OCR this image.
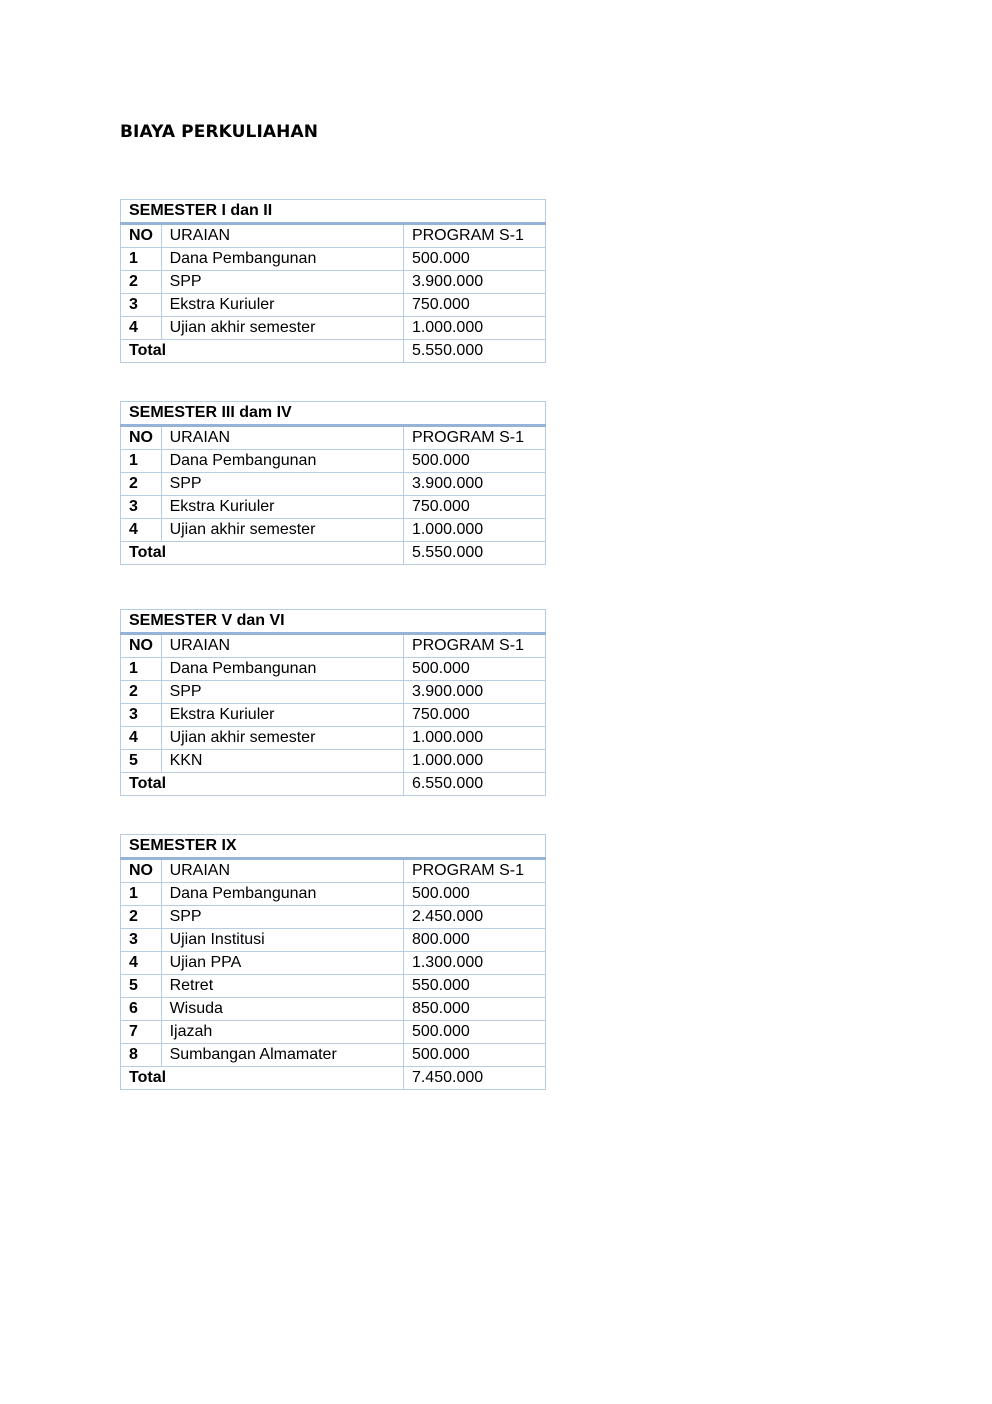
BIAYA PERKULIAHAN
SEMESTER I dan II		
NO	URAIAN	PROGRAM S-1
1	Dana Pembangunan	500.000
2	SPP	3.900.000
3	Ekstra Kuriuler	750.000
4	Ujian akhir semester	1.000.000
Total		5.550.000
SEMESTER III dam IV		
NO	URAIAN	PROGRAM S-1
1	Dana Pembangunan	500.000
2	SPP	3.900.000
3	Ekstra Kuriuler	750.000
4	Ujian akhir semester	1.000.000
Total		5.550.000
SEMESTER V dan VI		
NO	URAIAN	PROGRAM S-1
1	Dana Pembangunan	500.000
2	SPP	3.900.000
3	Ekstra Kuriuler	750.000
4	Ujian akhir semester	1.000.000
5	KKN	1.000.000
Total		6.550.000
SEMESTER IX		
NO	URAIAN	PROGRAM S-1
1	Dana Pembangunan	500.000
2	SPP	2.450.000
3	Ujian Institusi	800.000
4	Ujian PPA	1.300.000
5	Retret	550.000
6	Wisuda	850.000
7	Ijazah	500.000
8	Sumbangan Almamater	500.000
Total		7.450.000
